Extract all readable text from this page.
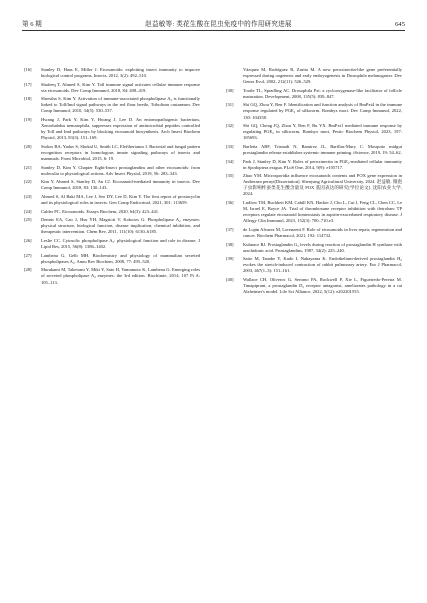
第 6 期	赵益敏等: 类花生酸在昆虫免疫中的作用研究进展	645
[16]	Stanley D, Haas E, Miller J. Eicosanoids: exploiting insect immunity to improve biological control programs. Insects, 2012, 3(2): 492–510.
[17]	Shafeeq T, Ahmed S, Kim Y. Toll immune signal activates cellular immune response via eicosanoids. Dev Comp Immunol, 2018, 84: 408–419.
[18]	Shrestha S, Kim Y. Activation of immune-associated phospholipase A₂ is functionally linked to Toll/Imd signal pathways in the red flour beetle, Tribolium castaneum. Dev Comp Immunol, 2010, 34(5): 530–537.
[19]	Hwang J, Park Y, Kim Y, Hwang J, Lee D. An entomopathogenic bacterium, Xenorhabdus nematophila, suppresses expression of antimicrobial peptides controlled by Toll and Imd pathways by blocking eicosanoid biosynthesis. Arch Insect Biochem Physiol, 2013, 83(3): 151–169.
[20]	Stokes BA, Yadav S, Shokal U, Smith LC, Eleftherianos I. Bacterial and fungal pattern recognition receptors in homologous innate signaling pathways of insects and mammals. Front Microbiol, 2015, 6: 19.
[21]	Stanley D, Kim Y. Chapter Eight-Insect prostaglandins and other eicosanoids: from molecular to physiological actions. Adv Insect Physiol, 2019, 56: 283–343.
[22]	Kim Y, Ahmed S, Stanley D, An CJ. Eicosanoid-mediated immunity in insects. Dev Comp Immunol, 2018, 83: 130–143.
[23]	Ahmed S, Al Baki MA, Lee J, Seo DY, Lee D, Kim Y. The first report of prostacyclin and its physiological roles in insects. Gen Comp Endocrinol, 2021, 301: 113659.
[24]	Calder PC. Eicosanoids. Essays Biochem, 2020, 64(3): 423–441.
[25]	Dennis EA, Cao J, Hsu YH, Magrioti V, Kokotos G. Phospholipase A₂ enzymes: physical structure, biological function, disease implication, chemical inhibition, and therapeutic intervention. Chem Rev, 2011, 111(10): 6130–6185.
[26]	Leslie CC. Cytosolic phospholipase A₂: physiological function and role in disease. J Lipid Res, 2015, 56(8): 1386–1402.
[27]	Lambeau G, Gelb MH. Biochemistry and physiology of mammalian secreted phospholipases A₂. Annu Rev Biochem, 2008, 77: 495–520.
[28]	Murakami M, Taketomi Y, Miki Y, Sato H, Yamamoto K, Lambeau G. Emerging roles of secreted phospholipase A₂ enzymes: the 3rd edition. Biochimie, 2014, 107 Pt A: 105–113.
Vázquez M, Rodríguez R, Zurita M. A new peroxinectin-like gene preferentially expressed during oogenesis and early embryogenesis in Drosophila melanogaster. Dev Genes Evol, 2002, 212(11): 526–529.
[30]	Tootle TL, Spradling AC. Drosophila Pxt: a cyclooxygenase-like facilitator of follicle maturation. Development, 2008, 135(5): 839–847.
[31]	Shi GQ, Zhou Y, Ren F. Identification and function analysis of BmPxt4 in the immune response regulated by PGE₂ of silkworm, Bombyx mori. Dev Comp Immunol, 2022, 130: 104358.
[32]	Shi GQ, Cheng JQ, Zhou Y, Ren F, Bu YX. BmPxt1 mediated immune response by regulating PGE₂ in silkworm, Bombyx mori. Pestic Biochem Physiol, 2023, 197: 105693.
[33]	Barletta ABF, Trisnadi N, Ramirez JL, Barillas-Mury C. Mosquito midgut prostaglandin release establishes systemic immune priming. iScience, 2019, 19: 54–62.
[34]	Park J, Stanley D, Kim Y. Roles of peroxinectin in PGE₂-mediated cellular immunity in Spodoptera exigua. PLoS One, 2014, 9(9): e105717.
[35]	Zhao YM. Microsporidia influence eicosanoids contents and POX gene expression in Antheraea pernyi[Dissertation]. Shenyang Agricultural University, 2024. 赵益敏. 微孢子虫影响柞蚕类花生酸含量及 POX 基因表达的研究[学位论文]. 沈阳农业大学, 2024.
[36]	Ludlow TM, Buchheit KM, Cahill KN, Hacker J, Cho L, Cui J, Feng CL, Chen CC, Le M, Israel E, Boyce JA. Trial of thromboxane receptor inhibition with ifetroban: TP receptors regulate eicosanoid homeostasis in aspirin-exacerbated respiratory disease. J Allergy Clin Immunol, 2023, 152(3): 700–710.e3.
[37]	de Luján Alvarez M, Lorenzetti F. Role of eicosanoids in liver repair, regeneration and cancer. Biochem Pharmacol, 2021, 192: 114732.
[38]	Kuhnacz RJ. Prostaglandin G₂ levels during reaction of prostaglandin H synthase with arachidonic acid. Prostaglandins, 1987, 34(2): 225–240.
[39]	Saito M, Tanabe Y, Kudo I, Nakayama K. Endothelium-derived prostaglandin H₂ evokes the stretch-induced contraction of rabbit pulmonary artery. Eur J Pharmacol, 2003, 467(1–3): 151–161.
[40]	Wallace CH, Oliveros G, Serrano PA, Rockwell P, Xie L, Figueiredo-Pereira M. Timapiprant, a prostaglandin D₂ receptor antagonist, ameliorates pathology in a rat Alzheimer's model. Life Sci Alliance, 2022, 5(12): e202201555.
